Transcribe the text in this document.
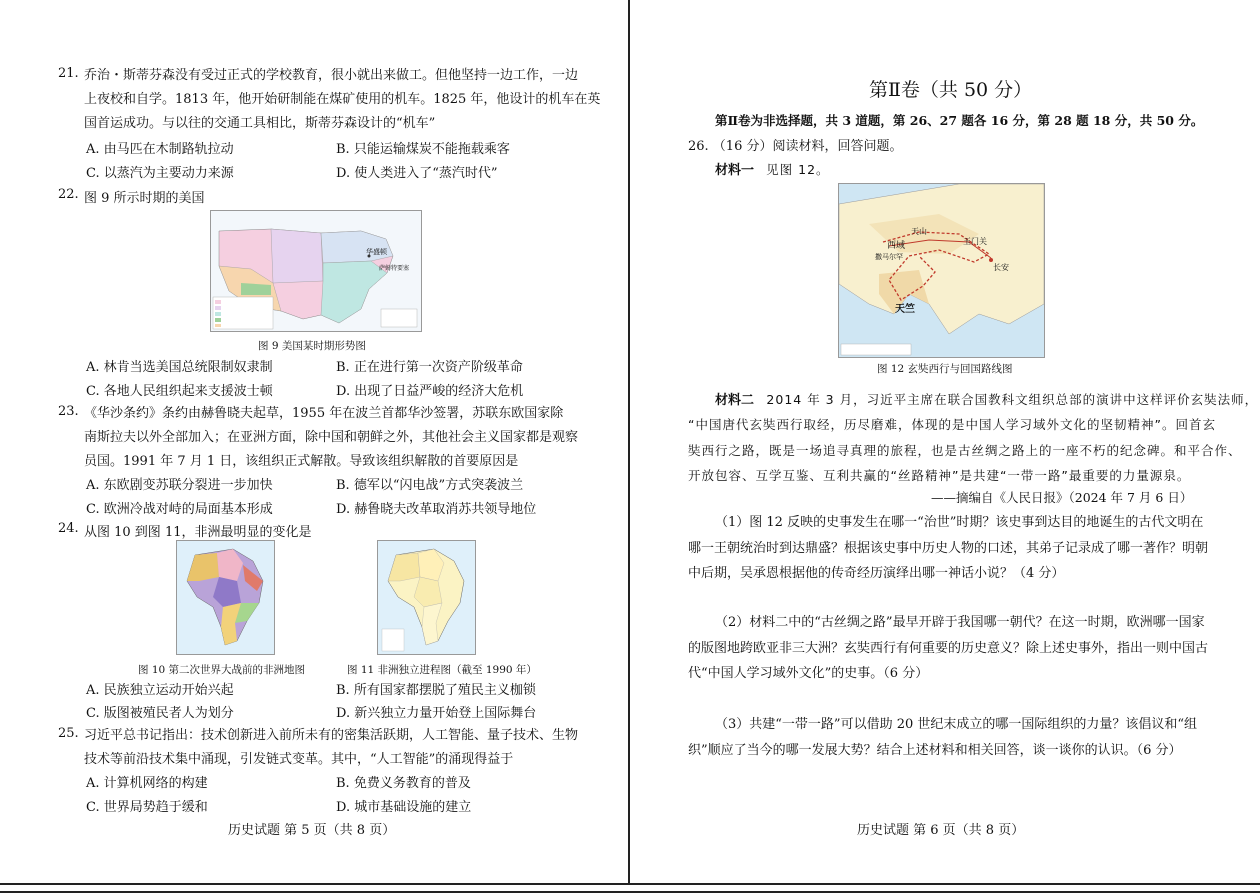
21. 乔治・斯蒂芬森没有受过正式的学校教育，很小就出来做工。但他坚持一边工作，一边
上夜校和自学。1813 年，他开始研制能在煤矿使用的机车。1825 年，他设计的机车在英
国首运成功。与以往的交通工具相比，斯蒂芬森设计的“机车”
A. 由马匹在木制路轨拉动	B. 只能运输煤炭不能拖载乘客
C. 以蒸汽为主要动力来源	D. 使人类进入了“蒸汽时代”
22. 图 9 所示时期的美国
华盛顿
萨姆特要塞
图 9 美国某时期形势图
A. 林肯当选美国总统限制奴隶制	B. 正在进行第一次资产阶级革命
C. 各地人民组织起来支援波士顿	D. 出现了日益严峻的经济大危机
23. 《华沙条约》条约由赫鲁晓夫起草，1955 年在波兰首都华沙签署，苏联东欧国家除
南斯拉夫以外全部加入；在亚洲方面，除中国和朝鲜之外，其他社会主义国家都是观察
员国。1991 年 7 月 1 日，该组织正式解散。导致该组织解散的首要原因是
A. 东欧剧变苏联分裂进一步加快	B. 德军以“闪电战”方式突袭波兰
C. 欧洲冷战对峙的局面基本形成	D. 赫鲁晓夫改革取消苏共领导地位
24. 从图 10 到图 11，非洲最明显的变化是
图 10 第二次世界大战前的非洲地图	图 11 非洲独立进程图（截至 1990 年）
A. 民族独立运动开始兴起	B. 所有国家都摆脱了殖民主义枷锁
C. 版图被殖民者人为划分	D. 新兴独立力量开始登上国际舞台
25. 习近平总书记指出：技术创新进入前所未有的密集活跃期，人工智能、量子技术、生物
技术等前沿技术集中涌现，引发链式变革。其中，“人工智能”的涌现得益于
A. 计算机网络的构建	B. 免费义务教育的普及
C. 世界局势趋于缓和	D. 城市基础设施的建立
历史试题 第 5 页（共 8 页）
第Ⅱ卷（共 50 分）
第Ⅱ卷为非选择题，共 3 道题，第 26、27 题各 16 分，第 28 题 18 分，共 50 分。
26. （16 分）阅读材料，回答问题。
材料一 见图 12。
天山
玉门关
西域
长安
撒马尔罕
天竺
图 12 玄奘西行与回国路线图
材料二 2014 年 3 月，习近平主席在联合国教科文组织总部的演讲中这样评价玄奘法师，
“中国唐代玄奘西行取经，历尽磨难，体现的是中国人学习域外文化的坚韧精神”。回首玄
奘西行之路，既是一场追寻真理的旅程，也是古丝绸之路上的一座不朽的纪念碑。和平合作、
开放包容、互学互鉴、互利共赢的“丝路精神”是共建“一带一路”最重要的力量源泉。
——摘编自《人民日报》（2024 年 7 月 6 日）
（1）图 12 反映的史事发生在哪一“治世”时期？该史事到达目的地诞生的古代文明在
哪一王朝统治时到达鼎盛？根据该史事中历史人物的口述，其弟子记录成了哪一著作？明朝
中后期，吴承恩根据他的传奇经历演绎出哪一神话小说？（4 分）
（2）材料二中的“古丝绸之路”最早开辟于我国哪一朝代？在这一时期，欧洲哪一国家
的版图地跨欧亚非三大洲？玄奘西行有何重要的历史意义？除上述史事外，指出一则中国古
代“中国人学习域外文化”的史事。（6 分）
（3）共建“一带一路”可以借助 20 世纪末成立的哪一国际组织的力量？该倡议和“组
织”顺应了当今的哪一发展大势？结合上述材料和相关回答，谈一谈你的认识。（6 分）
历史试题 第 6 页（共 8 页）
